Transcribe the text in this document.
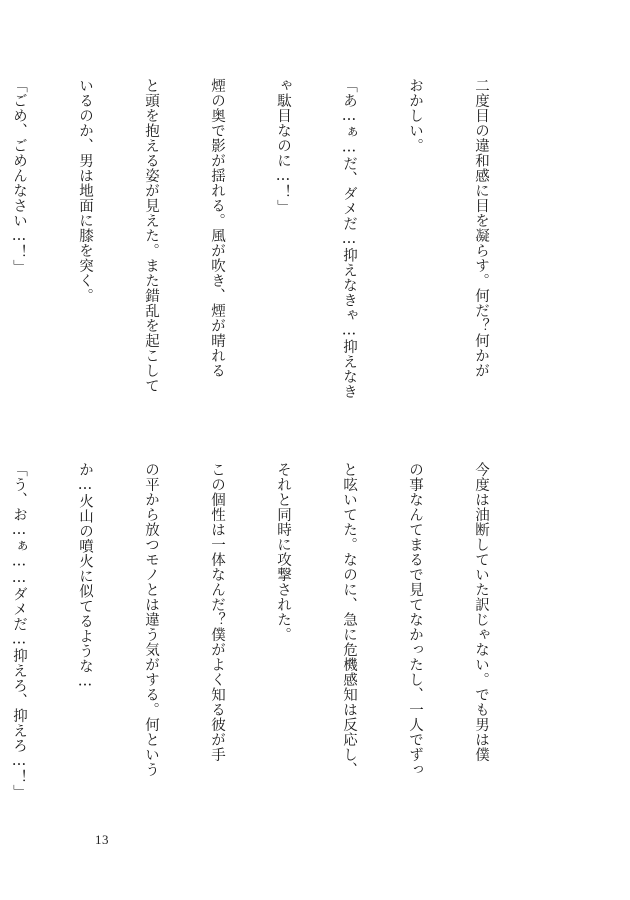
二度目の違和感に目を凝らす。何だ？何かが

おかしい。

「あ…ぁ…だ、ダメだ…抑えなきゃ…抑えなき

ゃ駄目なのに…！」

煙の奥で影が揺れる。風が吹き、煙が晴れる

と頭を抱える姿が見えた。また錯乱を起こして

いるのか、男は地面に膝を突く。

「ごめ、ごめんなさい…！」

今度は油断していた訳じゃない。でも男は僕

の事なんてまるで見てなかったし、一人でずっ

と呟いてた。なのに、急に危機感知は反応し、

それと同時に攻撃された。

この個性は一体なんだ？僕がよく知る彼が手

の平から放つモノとは違う気がする。何という

か…火山の噴火に似てるような…

「う、お…ぁ……ダメだ…抑えろ、抑えろ…！」

13
